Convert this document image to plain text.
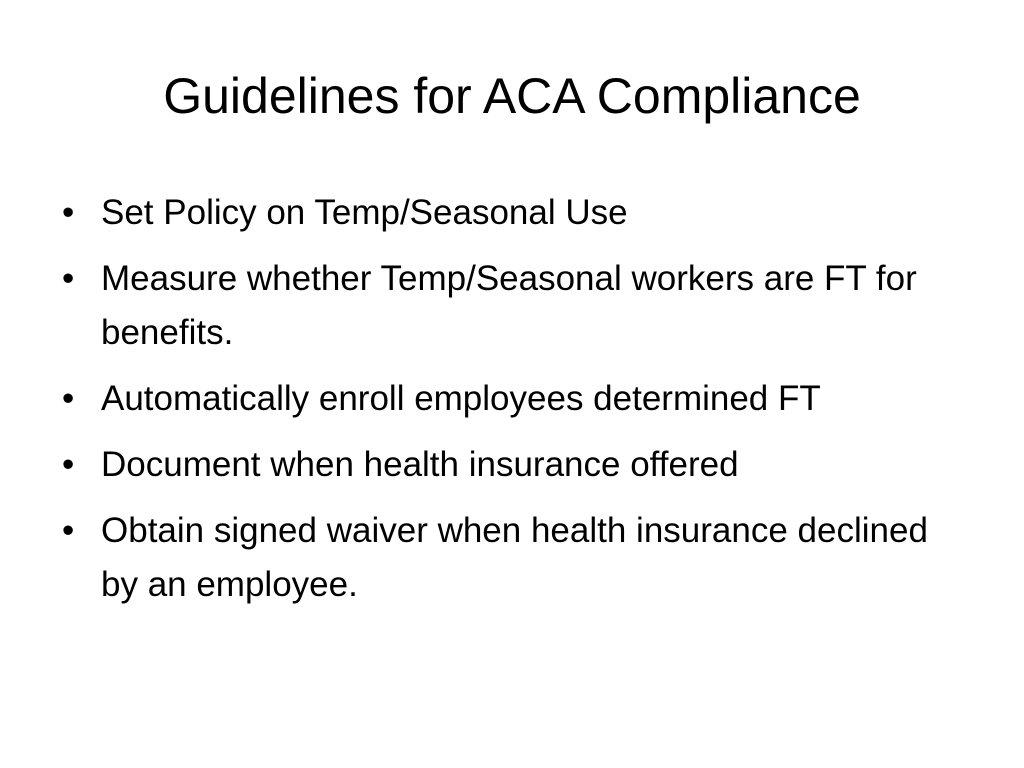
Guidelines for ACA Compliance
• Set Policy on Temp/Seasonal Use
• Measure whether Temp/Seasonal workers are FT for benefits.
• Automatically enroll employees determined FT
• Document when health insurance offered
• Obtain signed waiver when health insurance declined by an employee.
